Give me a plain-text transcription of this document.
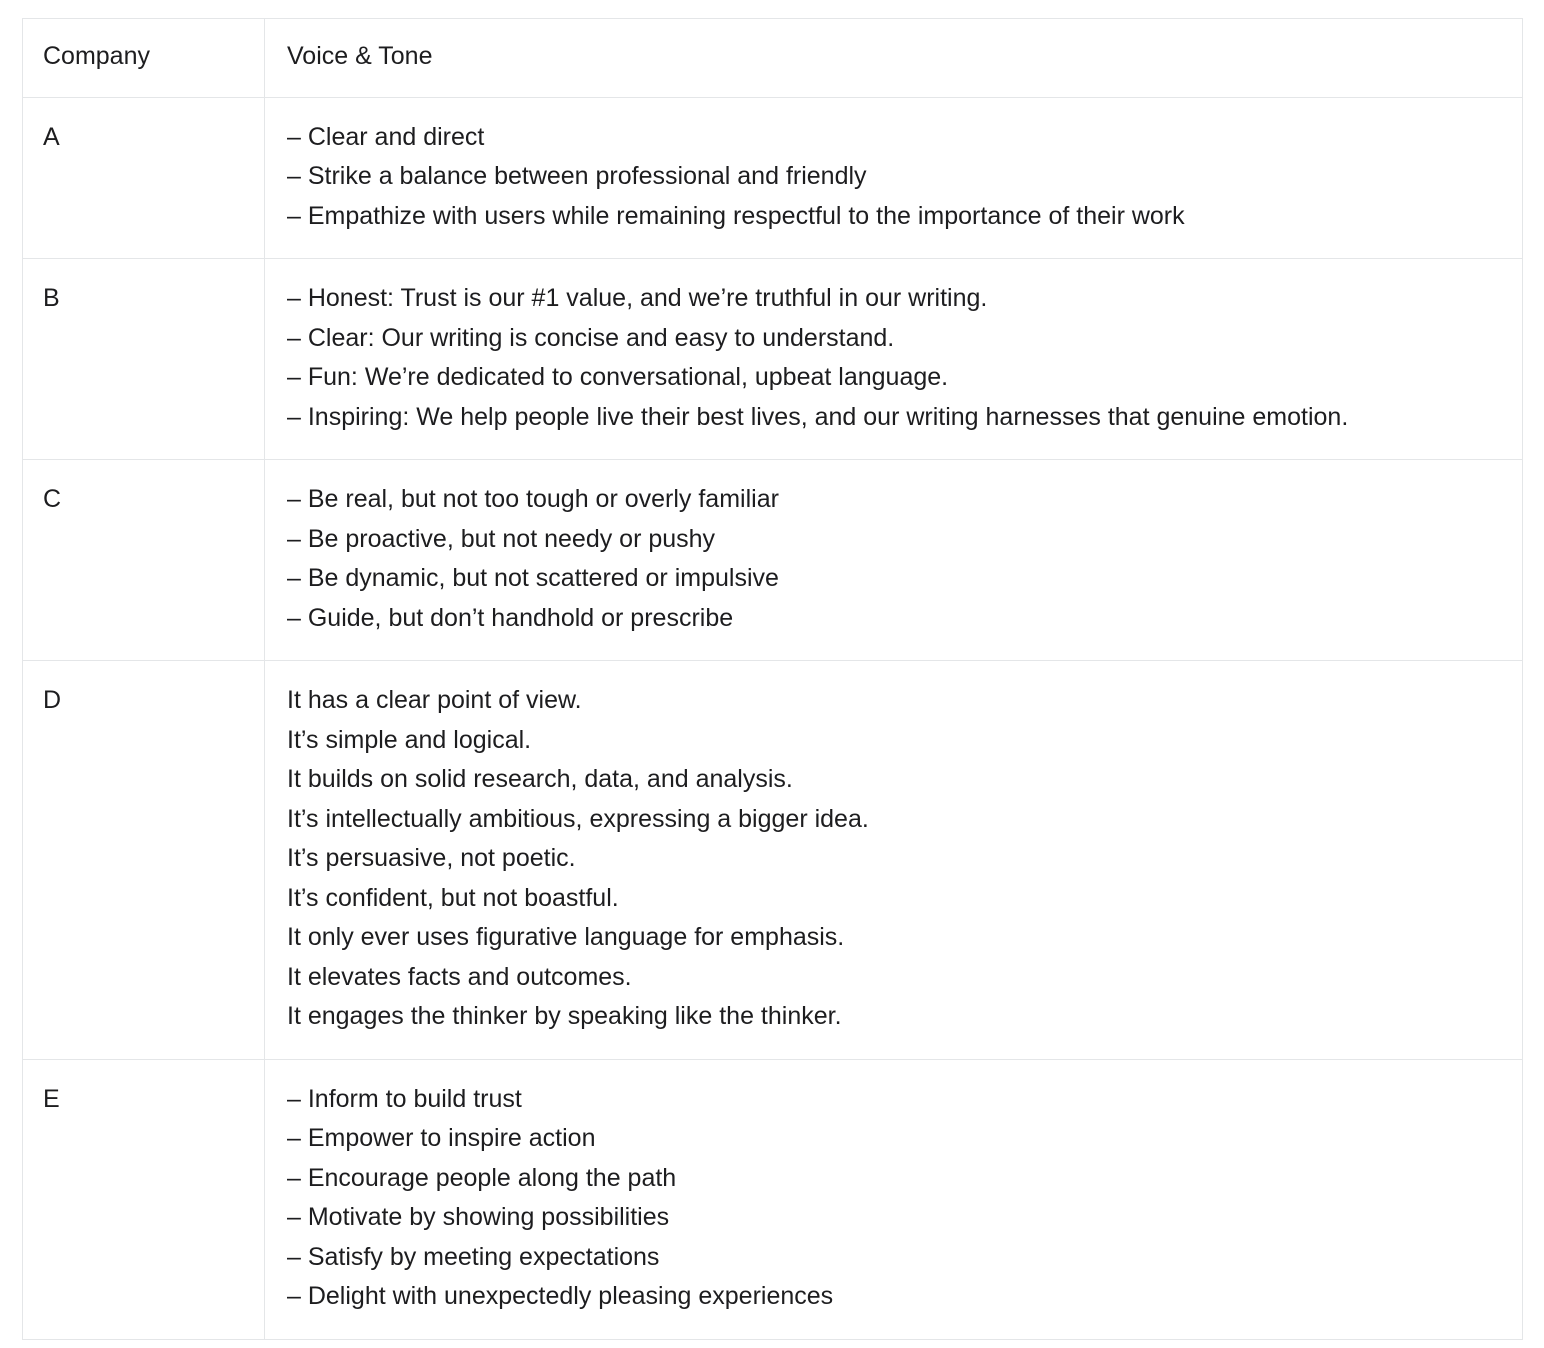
Company	Voice & Tone

A	– Clear and direct
– Strike a balance between professional and friendly
– Empathize with users while remaining respectful to the importance of their work

B	– Honest: Trust is our #1 value, and we’re truthful in our writing.
– Clear: Our writing is concise and easy to understand.
– Fun: We’re dedicated to conversational, upbeat language.
– Inspiring: We help people live their best lives, and our writing harnesses that genuine emotion.

C	– Be real, but not too tough or overly familiar
– Be proactive, but not needy or pushy
– Be dynamic, but not scattered or impulsive
– Guide, but don’t handhold or prescribe

D	It has a clear point of view.
It’s simple and logical.
It builds on solid research, data, and analysis.
It’s intellectually ambitious, expressing a bigger idea.
It’s persuasive, not poetic.
It’s confident, but not boastful.
It only ever uses figurative language for emphasis.
It elevates facts and outcomes.
It engages the thinker by speaking like the thinker.

E	– Inform to build trust
– Empower to inspire action
– Encourage people along the path
– Motivate by showing possibilities
– Satisfy by meeting expectations
– Delight with unexpectedly pleasing experiences
